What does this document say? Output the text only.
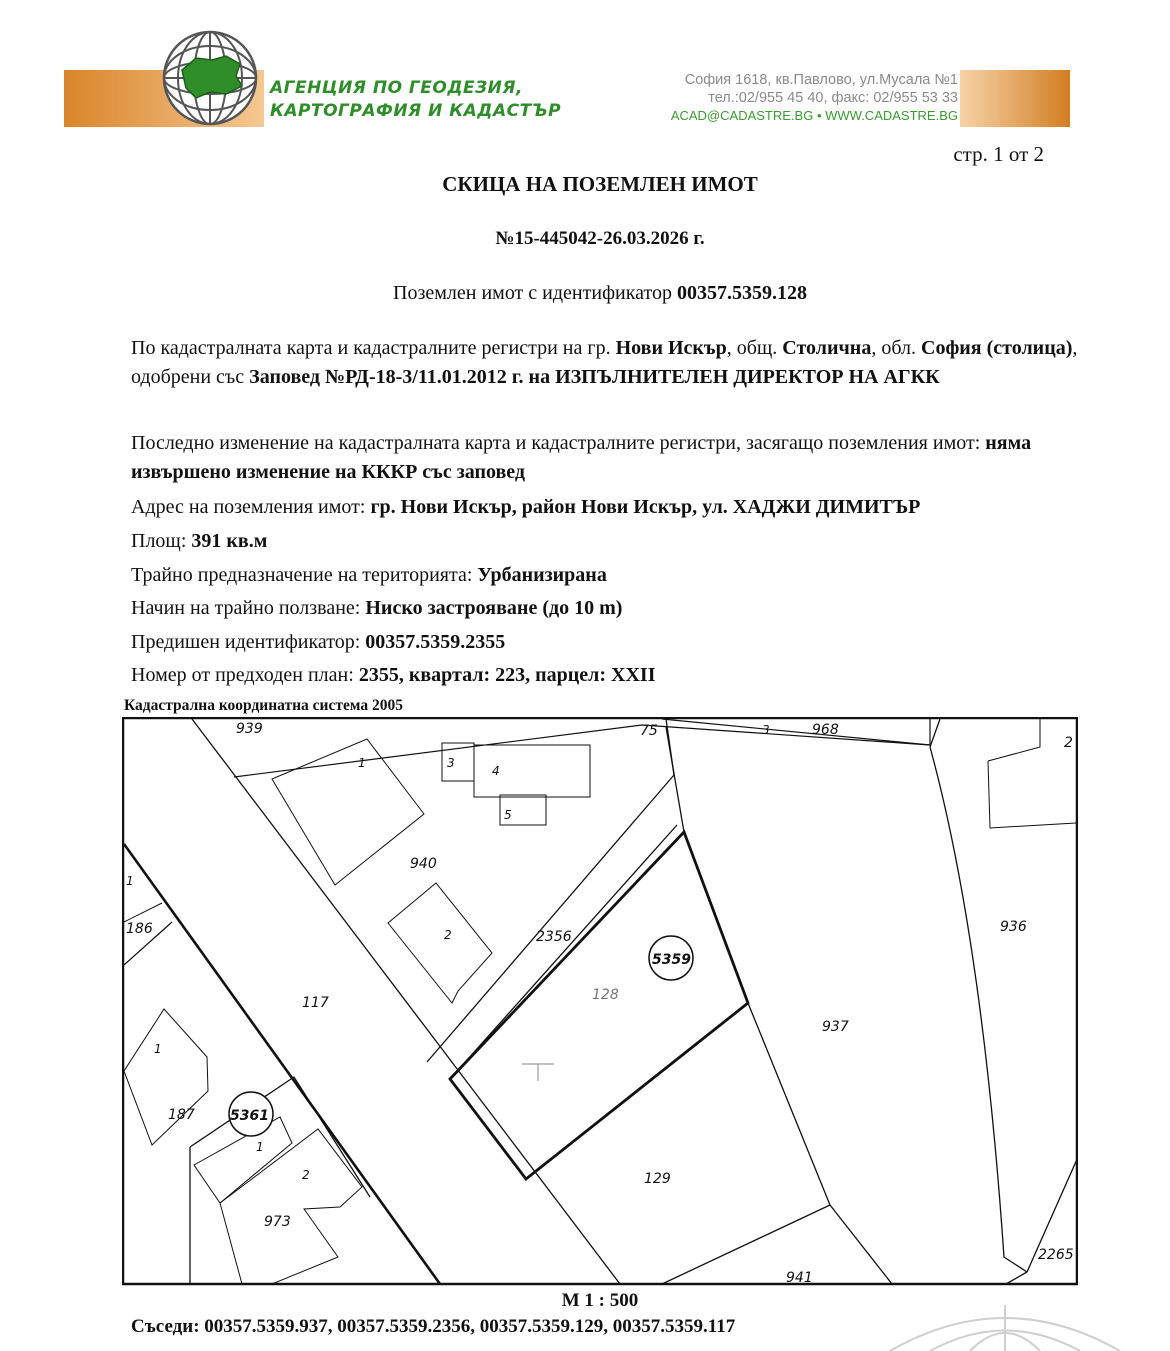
АГЕНЦИЯ ПО ГЕОДЕЗИЯ,
КАРТОГРАФИЯ И КАДАСТЪР
София 1618, кв.Павлово, ул.Мусала №1
тел.:02/955 45 40, факс: 02/955 53 33
ACAD@CADASTRE.BG • WWW.CADASTRE.BG
стр. 1 от 2
СКИЦА НА ПОЗЕМЛЕН ИМОТ
№15-445042-26.03.2026 г.
Поземлен имот с идентификатор 00357.5359.128
По кадастралната карта и кадастралните регистри на гр. Нови Искър, общ. Столична, обл. София (столица), одобрени със Заповед №РД-18-3/11.01.2012 г. на ИЗПЪЛНИТЕЛЕН ДИРЕКТОР НА АГКК
Последно изменение на кадастралната карта и кадастралните регистри, засягащо поземления имот: няма извършено изменение на КККР със заповед
Адрес на поземления имот: гр. Нови Искър, район Нови Искър, ул. ХАДЖИ ДИМИТЪР
Площ: 391 кв.м
Трайно предназначение на територията: Урбанизирана
Начин на трайно ползване: Ниско застрояване (до 10 m)
Предишен идентификатор: 00357.5359.2355
Номер от предходен план: 2355, квартал: 223, парцел: XXII
Кадастрална координатна система 2005
939	75	3	968
2
1	3
4
5
940
2	2356
5359
128
936
1
186
117
937
1
187	5361
1
2
973
129
941
2265
М 1 : 500
Съседи: 00357.5359.937, 00357.5359.2356, 00357.5359.129, 00357.5359.117
